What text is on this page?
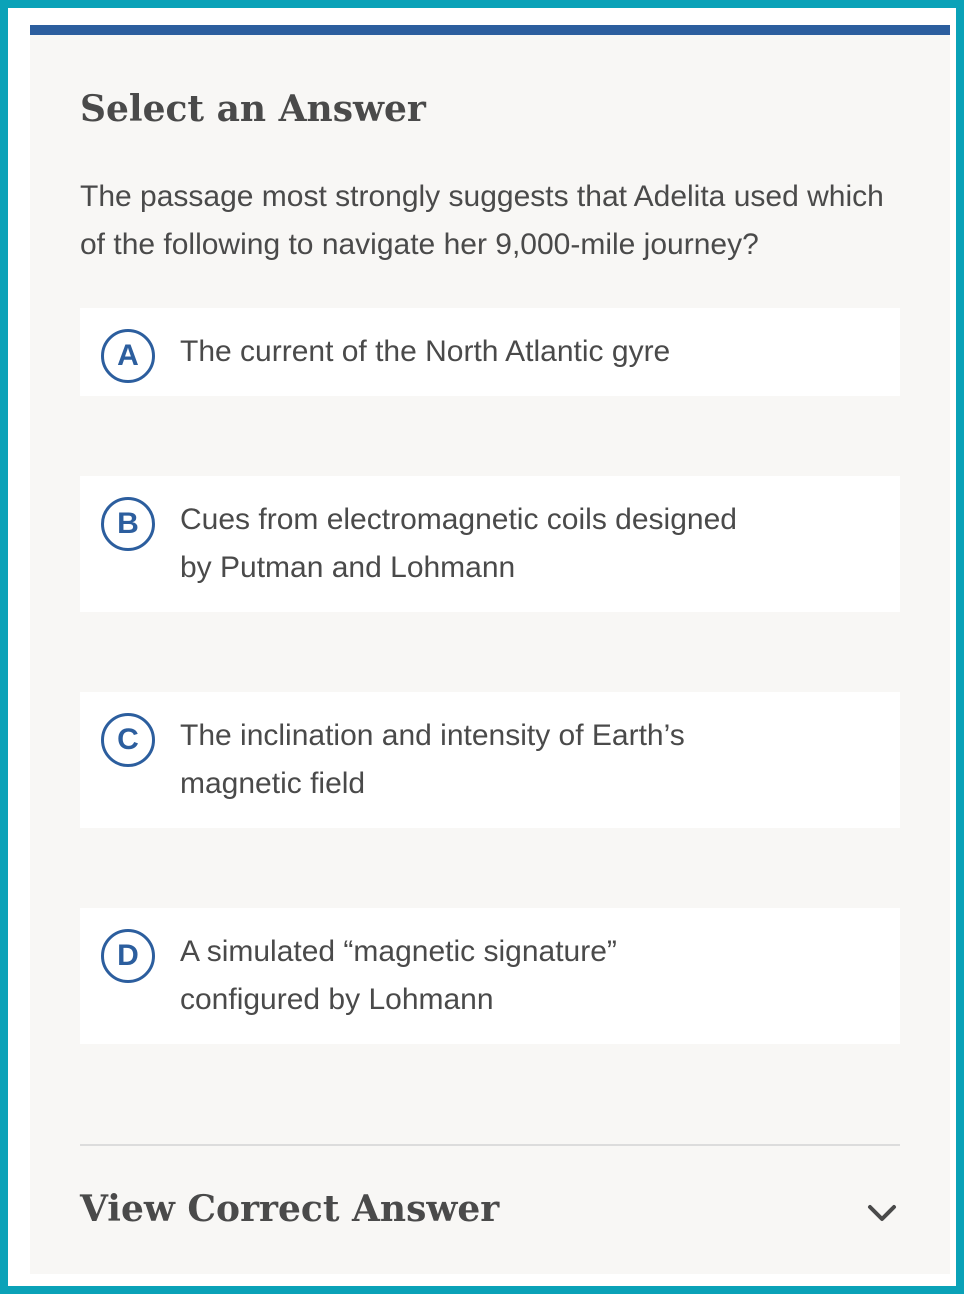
Select an Answer

The passage most strongly suggests that Adelita used which of the following to navigate her 9,000-mile journey?

A	The current of the North Atlantic gyre
B	Cues from electromagnetic coils designed
by Putman and Lohmann
C	The inclination and intensity of Earth’s
magnetic field
D	A simulated “magnetic signature”
configured by Lohmann
View Correct Answer
